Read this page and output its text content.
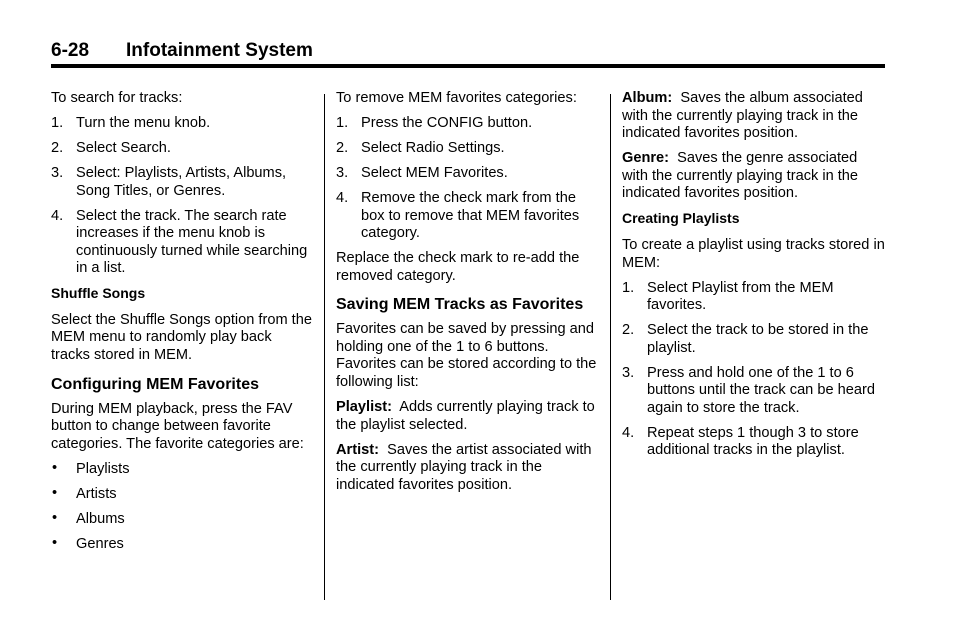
6-28 Infotainment System

To search for tracks:

1. Turn the menu knob.
2. Select Search.
3. Select: Playlists, Artists, Albums, Song Titles, or Genres.
4. Select the track. The search rate increases if the menu knob is continuously turned while searching in a list.
Shuffle Songs

Select the Shuffle Songs option from the MEM menu to randomly play back tracks stored in MEM.

Configuring MEM Favorites

During MEM playback, press the FAV button to change between favorite categories. The favorite categories are:

• Playlists
• Artists
• Albums
• Genres

To remove MEM favorites categories:

1. Press the CONFIG button.
2. Select Radio Settings.
3. Select MEM Favorites.
4. Remove the check mark from the box to remove that MEM favorites category.

Replace the check mark to re-add the removed category.

Saving MEM Tracks as Favorites

Favorites can be saved by pressing and holding one of the 1 to 6 buttons. Favorites can be stored according to the following list:

Playlist: Adds currently playing track to the playlist selected.

Artist: Saves the artist associated with the currently playing track in the indicated favorites position.

Album: Saves the album associated with the currently playing track in the indicated favorites position.

Genre: Saves the genre associated with the currently playing track in the indicated favorites position.

Creating Playlists

To create a playlist using tracks stored in MEM:

1. Select Playlist from the MEM favorites.
2. Select the track to be stored in the playlist.
3. Press and hold one of the 1 to 6 buttons until the track can be heard again to store the track.
4. Repeat steps 1 though 3 to store additional tracks in the playlist.
